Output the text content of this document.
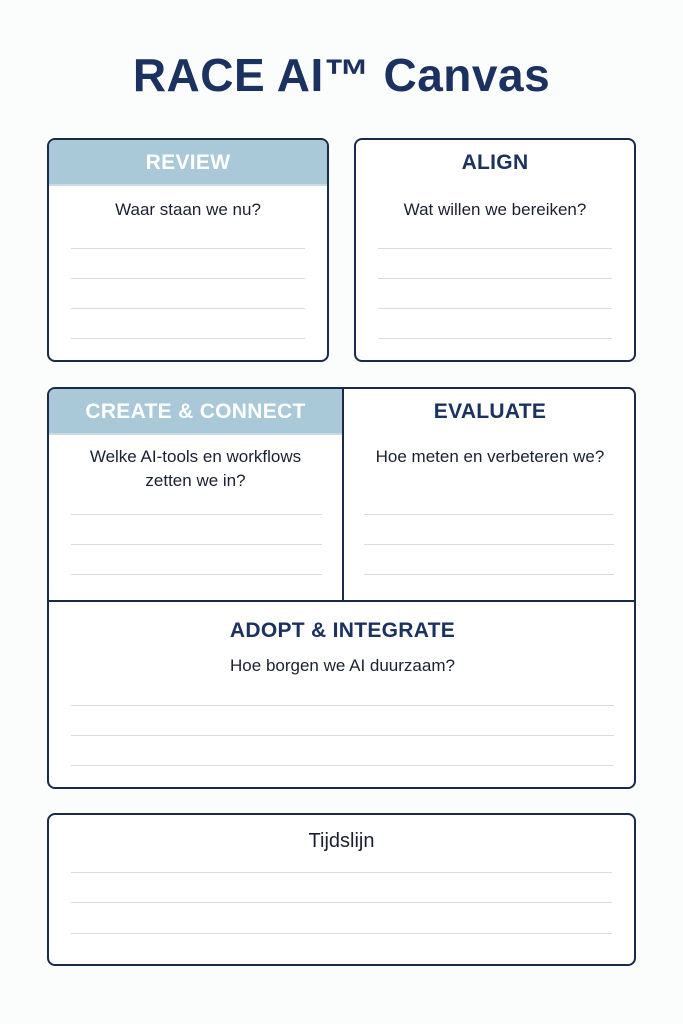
RACE AI™ Canvas
REVIEW
Waar staan we nu?
ALIGN
Wat willen we bereiken?
CREATE & CONNECT
Welke AI-tools en workflows
zetten we in?
EVALUATE
Hoe meten en verbeteren we?
ADOPT & INTEGRATE
Hoe borgen we AI duurzaam?
Tijdslijn
